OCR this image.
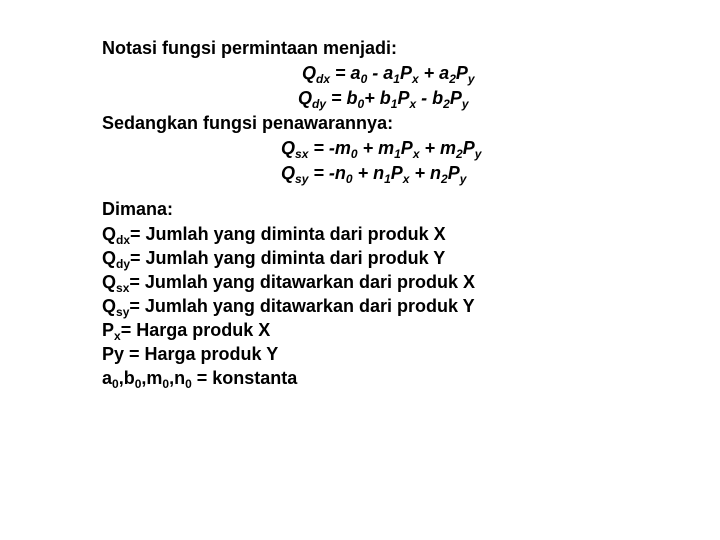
Notasi fungsi permintaan menjadi:
$Q_{dx} = a_0 - a_1P_x + a_2P_y$
$Q_{dy} = b_0+ b_1P_x - b_2P_y$
Sedangkan fungsi penawarannya:
$Q_{sx} = -m_0 + m_1P_x + m_2P_y$
$Q_{sy} = -n_0 + n_1P_x + n_2P_y$
Dimana:
$Q_{dx}=$ Jumlah yang diminta dari produk X
$Q_{dy}=$ Jumlah yang diminta dari produk Y
$Q_{sx}=$ Jumlah yang ditawarkan dari produk X
$Q_{sy}=$ Jumlah yang ditawarkan dari produk Y
$P_x=$ Harga produk X
Py = Harga produk Y
$a_0,b_0,m_0,n_0$ = konstanta
